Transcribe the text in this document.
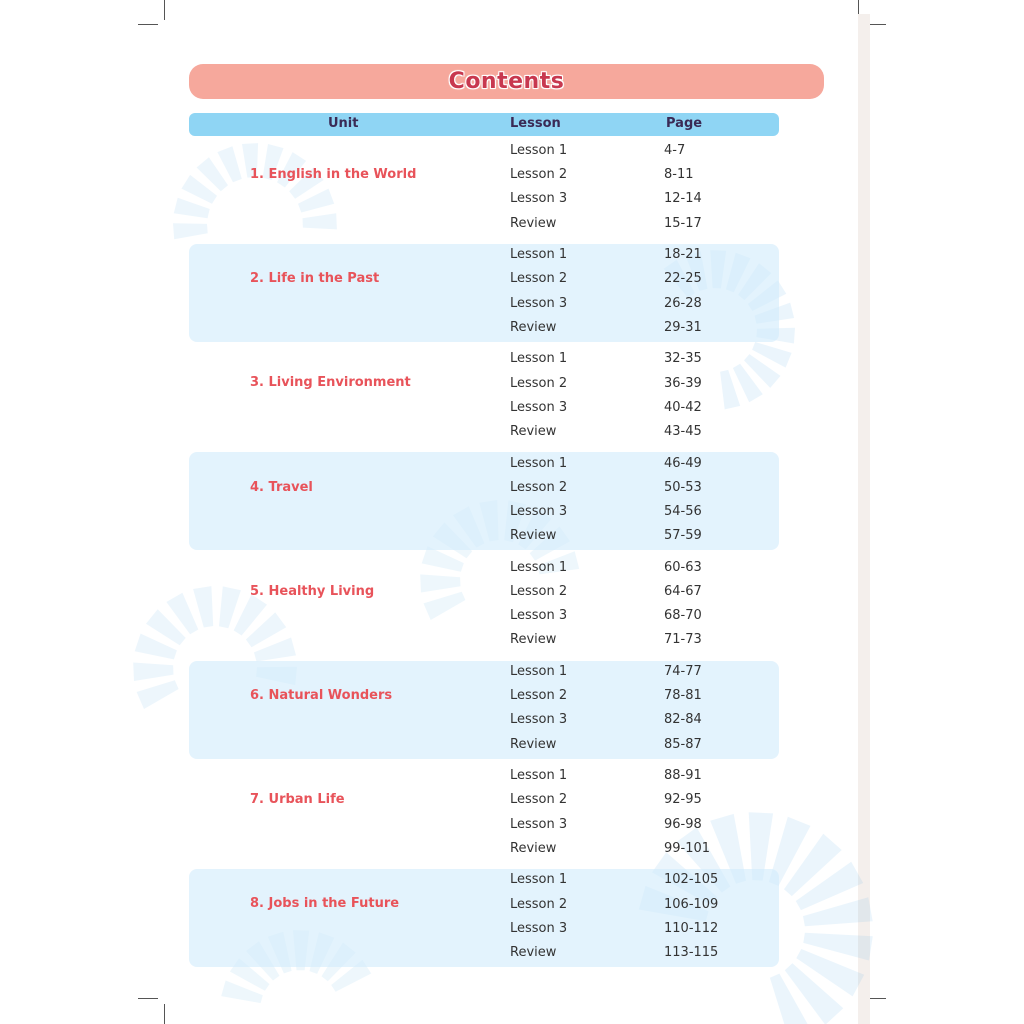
Contents
Unit	Lesson	Page
1. English in the World
Lesson 1	4-7
Lesson 2	8-11
Lesson 3	12-14
Review	15-17
2. Life in the Past
Lesson 1	18-21
Lesson 2	22-25
Lesson 3	26-28
Review	29-31
3. Living Environment
Lesson 1	32-35
Lesson 2	36-39
Lesson 3	40-42
Review	43-45
4. Travel
Lesson 1	46-49
Lesson 2	50-53
Lesson 3	54-56
Review	57-59
5. Healthy Living
Lesson 1	60-63
Lesson 2	64-67
Lesson 3	68-70
Review	71-73
6. Natural Wonders
Lesson 1	74-77
Lesson 2	78-81
Lesson 3	82-84
Review	85-87
7. Urban Life
Lesson 1	88-91
Lesson 2	92-95
Lesson 3	96-98
Review	99-101
8. Jobs in the Future
Lesson 1	102-105
Lesson 2	106-109
Lesson 3	110-112
Review	113-115
